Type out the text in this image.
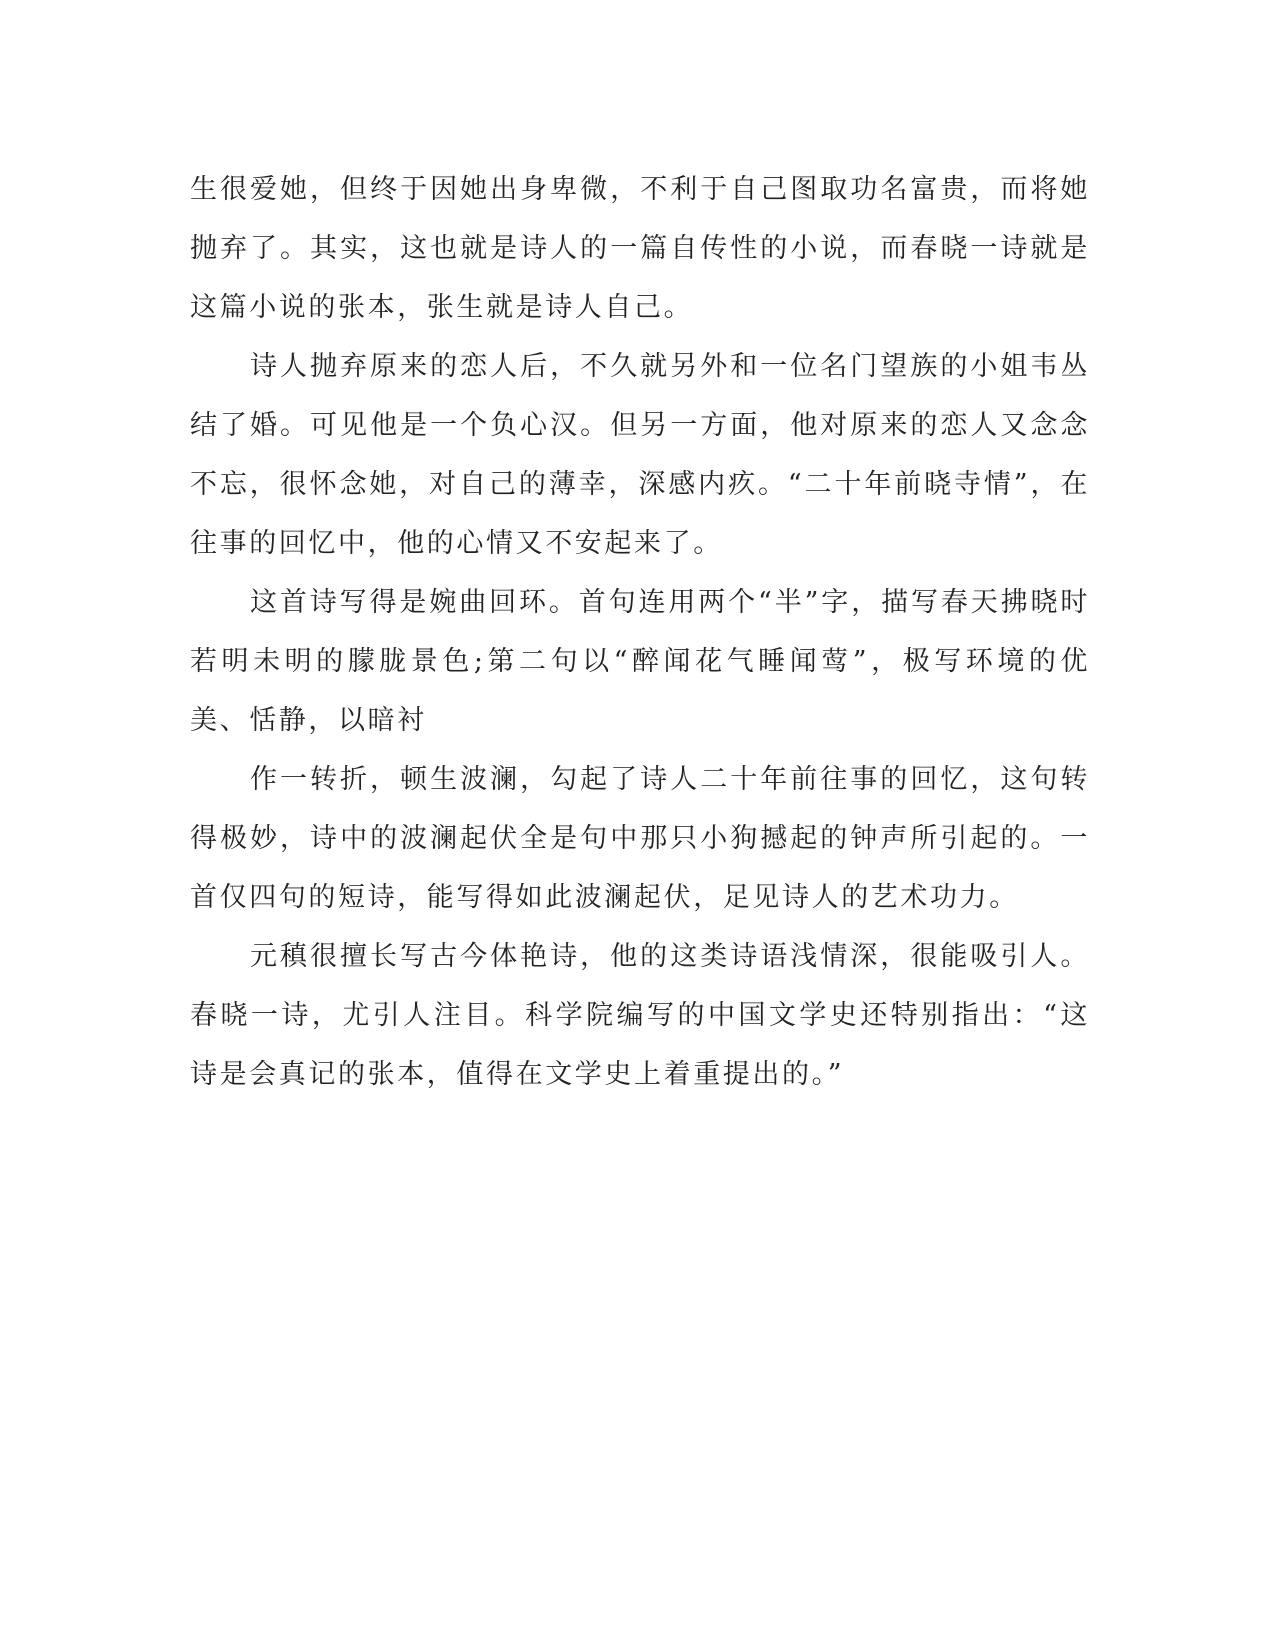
生很爱她，但终于因她出身卑微，不利于自己图取功名富贵，而将她抛弃了。其实，这也就是诗人的一篇自传性的小说，而春晓一诗就是这篇小说的张本，张生就是诗人自己。

诗人抛弃原来的恋人后，不久就另外和一位名门望族的小姐韦丛结了婚。可见他是一个负心汉。但另一方面，他对原来的恋人又念念不忘，很怀念她，对自己的薄幸，深感内疚。“二十年前晓寺情”，在往事的回忆中，他的心情又不安起来了。

这首诗写得是婉曲回环。首句连用两个“半”字，描写春天拂晓时若明未明的朦胧景色;第二句以“醉闻花气睡闻莺”，极写环境的优美、恬静，以暗衬

作一转折，顿生波澜，勾起了诗人二十年前往事的回忆，这句转得极妙，诗中的波澜起伏全是句中那只小狗撼起的钟声所引起的。一首仅四句的短诗，能写得如此波澜起伏，足见诗人的艺术功力。

元稹很擅长写古今体艳诗，他的这类诗语浅情深，很能吸引人。春晓一诗，尤引人注目。科学院编写的中国文学史还特别指出：“这诗是会真记的张本，值得在文学史上着重提出的。”
